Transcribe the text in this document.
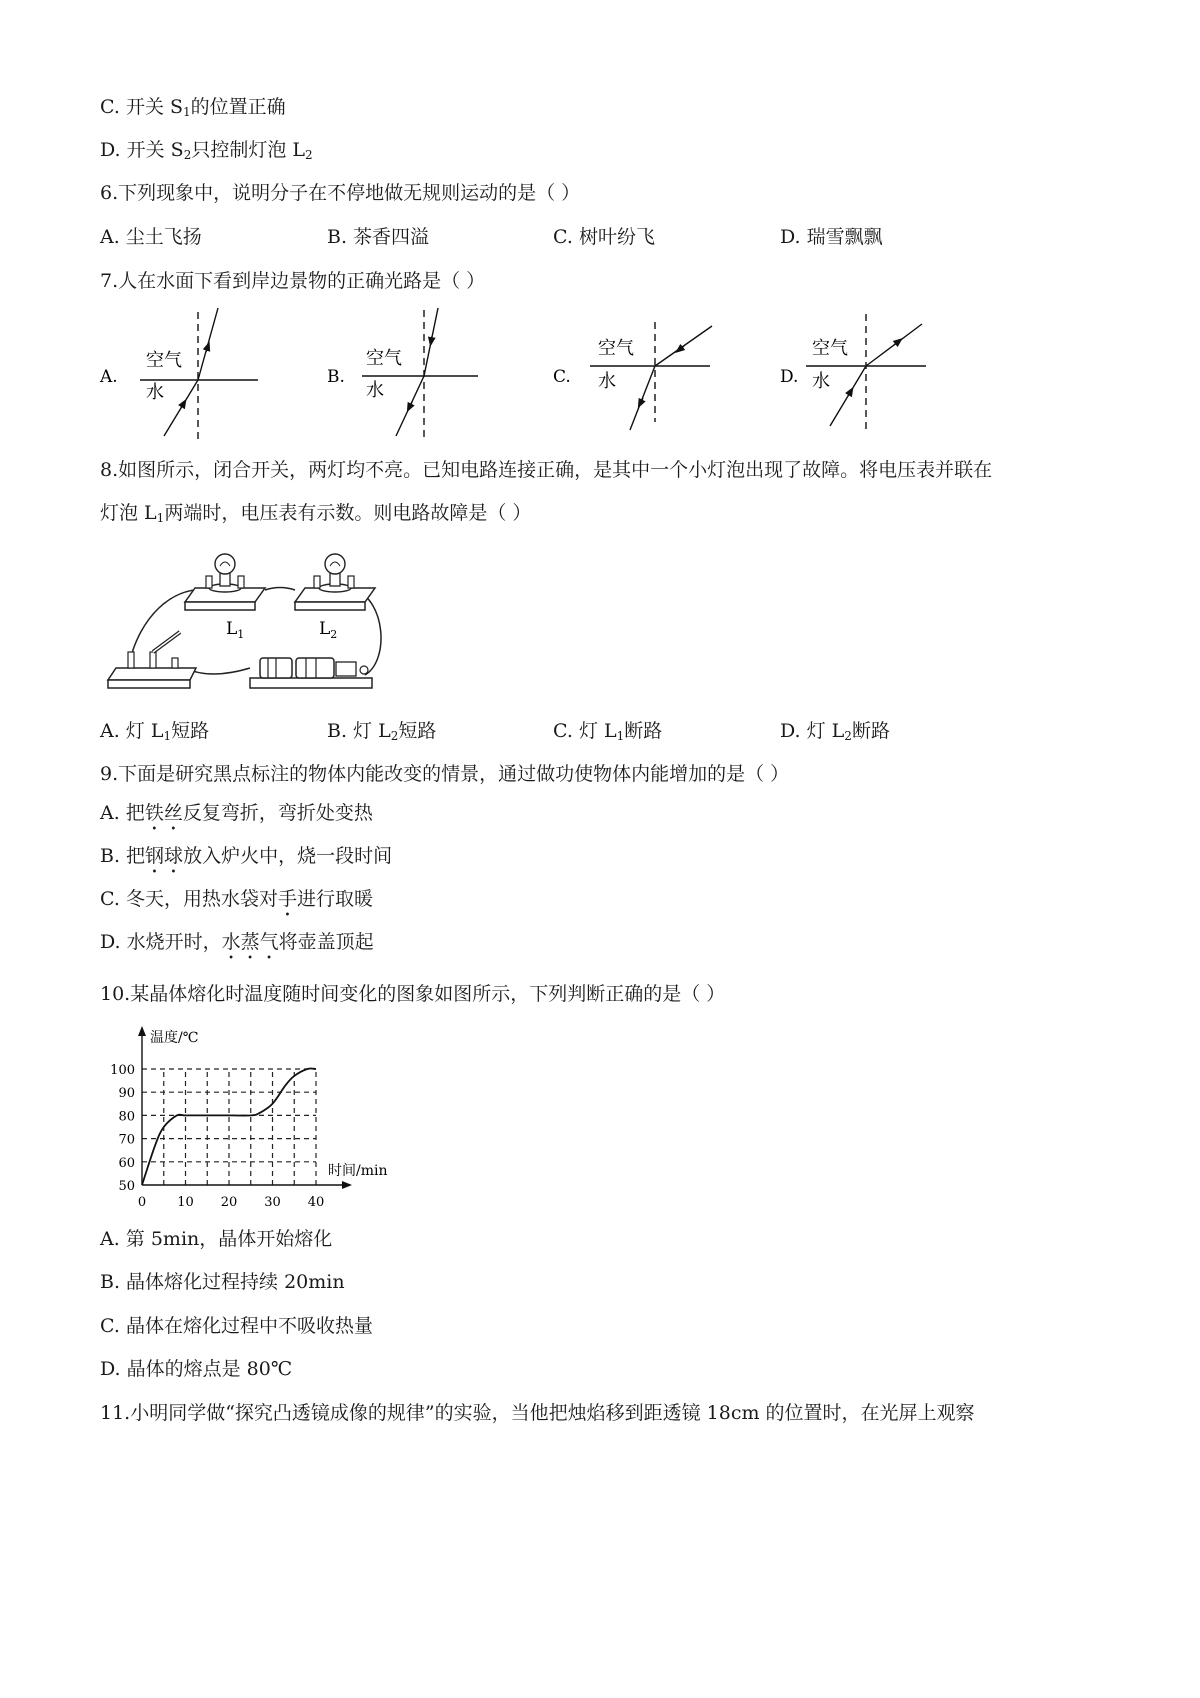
C. 开关 $S_1$的位置正确
D. 开关 $S_2$只控制灯泡 $L_2$
6.下列现象中，说明分子在不停地做无规则运动的是（ ）
A. 尘土飞扬	B. 茶香四溢	C. 树叶纷飞	D. 瑞雪飘飘
7.人在水面下看到岸边景物的正确光路是（ ）
A.
空气
水
B.
空气
水
C.
空气
水	D.
空气
水
8.如图所示，闭合开关，两灯均不亮。已知电路连接正确，是其中一个小灯泡出现了故障。将电压表并联在
灯泡 $L_1$两端时，电压表有示数。则电路故障是（ ）
$L_1$	$L_2$
A. 灯 $L_1$短路	B. 灯 $L_2$短路	C. 灯 $L_1$断路	D. 灯 $L_2$断路
9.下面是研究黑点标注的物体内能改变的情景，通过做功使物体内能增加的是（ ）
A. 把铁丝反复弯折，弯折处变热
B. 把钢球放入炉火中，烧一段时间
C. 冬天，用热水袋对手进行取暖
D. 水烧开时，水蒸气将壶盖顶起
10.某晶体熔化时温度随时间变化的图象如图所示，下列判断正确的是（ ）
50
60
70
80
90
100
0 10 20 30 40
温度/℃
时间/min
A. 第 5min，晶体开始熔化
B. 晶体熔化过程持续 20min
C. 晶体在熔化过程中不吸收热量
D. 晶体的熔点是 80℃
11.小明同学做“探究凸透镜成像的规律”的实验，当他把烛焰移到距透镜 18cm 的位置时，在光屏上观察
